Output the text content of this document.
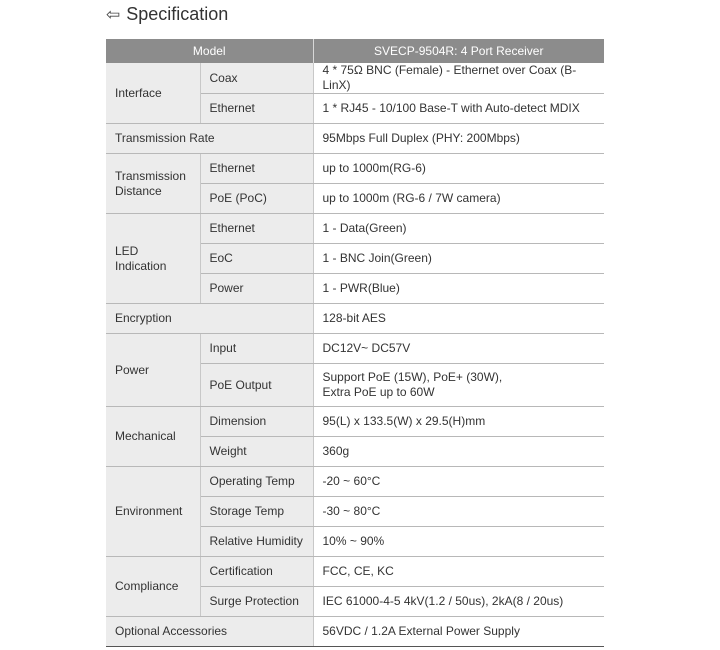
⇦ Specification
Model		SVECP-9504R: 4 Port Receiver
Interface	Coax	4 * 75Ω BNC (Female) - Ethernet over Coax (B-LinX)
	Ethernet	1 * RJ45 - 10/100 Base-T with Auto-detect MDIX
Transmission Rate		95Mbps Full Duplex (PHY: 200Mbps)
Transmission
Distance	Ethernet	up to 1000m(RG-6)
	PoE (PoC)	up to 1000m (RG-6 / 7W camera)
LED
Indication	Ethernet	1 - Data(Green)
	EoC	1 - BNC Join(Green)
	Power	1 - PWR(Blue)
Encryption		128-bit AES
Power	Input	DC12V~ DC57V
	PoE Output	Support PoE (15W), PoE+ (30W),
Extra PoE up to 60W
Mechanical	Dimension	95(L) x 133.5(W) x 29.5(H)mm
	Weight	360g
Environment	Operating Temp	-20 ~ 60°C
	Storage Temp	-30 ~ 80°C
	Relative Humidity	10% ~ 90%
Compliance	Certification	FCC, CE, KC
	Surge Protection	IEC 61000-4-5 4kV(1.2 / 50us), 2kA(8 / 20us)
Optional Accessories		56VDC / 1.2A External Power Supply
